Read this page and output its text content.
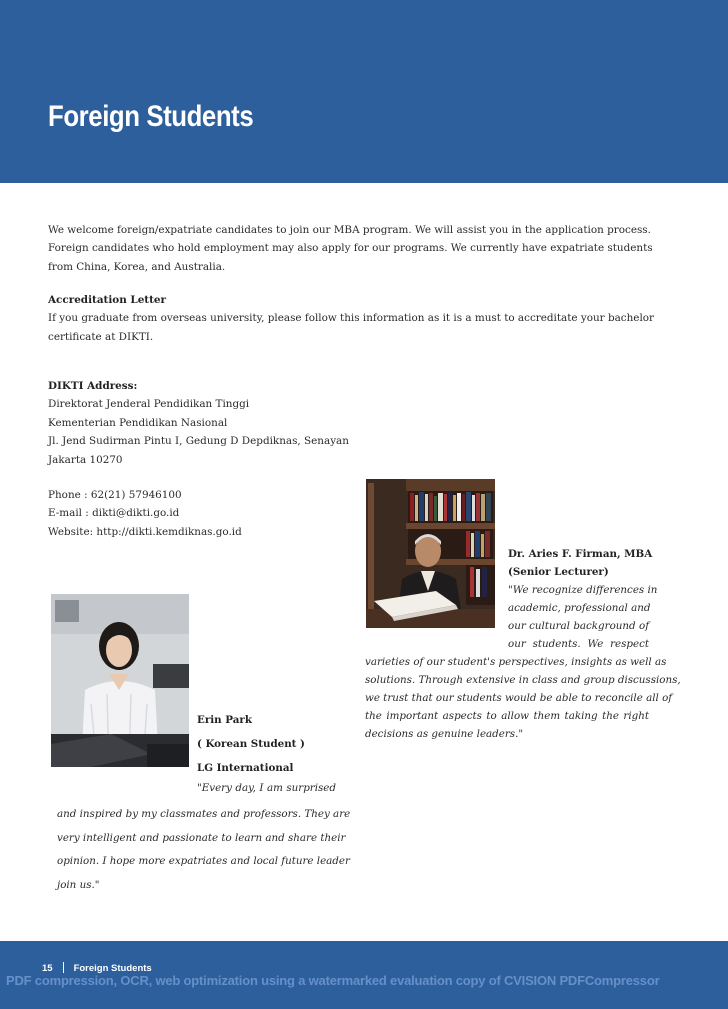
Foreign Students

We welcome foreign/expatriate candidates to join our MBA program. We will assist you in the application process.

Foreign candidates who hold employment may also apply for our programs. We currently have expatriate students

from China, Korea, and Australia.

Accreditation Letter

If you graduate from overseas university, please follow this information as it is a must to accreditate your bachelor

certificate at DIKTI.

DIKTI Address:

Direktorat Jenderal Pendidikan Tinggi

Kementerian Pendidikan Nasional

Jl. Jend Sudirman Pintu I, Gedung D Depdiknas, Senayan

Jakarta 10270

Phone : 62(21) 57946100

E-mail : dikti@dikti.go.id

Website: http://dikti.kemdiknas.go.id

Dr. Aries F. Firman, MBA
(Senior Lecturer)
"We recognize differences in
academic, professional and
our cultural background of
our students. We respect
varieties of our student's perspectives, insights as well as
solutions. Through extensive in class and group discussions,
we trust that our students would be able to reconcile all of
the important aspects to allow them taking the right
decisions as genuine leaders."
Erin Park
( Korean Student )
LG International
"Every day, I am surprised
and inspired by my classmates and professors. They are
very intelligent and passionate to learn and share their
opinion. I hope more expatriates and local future leader
join us."
15 Foreign Students
PDF compression, OCR, web optimization using a watermarked evaluation copy of CVISION PDFCompressor
